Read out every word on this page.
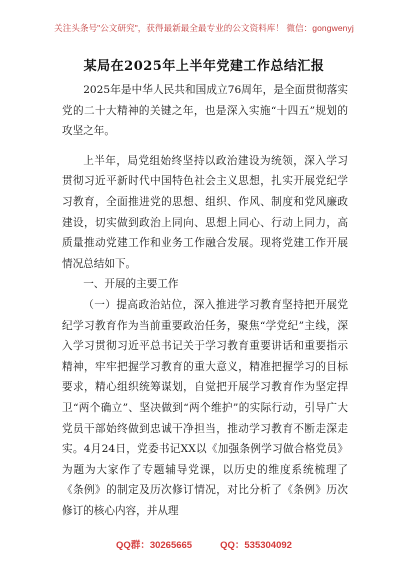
关注头条号"公文研究"，获得最新最全最专业的公文资料库！ 微信：gongwenyj
某局在2025年上半年党建工作总结汇报

2025年是中华人民共和国成立76周年，是全面贯彻落实党的二十大精神的关键之年，也是深入实施“十四五”规划的攻坚之年。

上半年，局党组始终坚持以政治建设为统领，深入学习贯彻习近平新时代中国特色社会主义思想，扎实开展党纪学习教育，全面推进党的思想、组织、作风、制度和党风廉政建设，切实做到政治上同向、思想上同心、行动上同力，高质量推动党建工作和业务工作融合发展。现将党建工作开展情况总结如下。

一、开展的主要工作

（一）提高政治站位，深入推进学习教育坚持把开展党纪学习教育作为当前重要政治任务，聚焦“学党纪”主线，深入学习贯彻习近平总书记关于学习教育重要讲话和重要指示精神，牢牢把握学习教育的重大意义，精准把握学习的目标要求，精心组织统筹谋划，自觉把开展学习教育作为坚定捍卫“两个确立”、坚决做到“两个维护”的实际行动，引导广大党员干部始终做到忠诚干净担当，推动学习教育不断走深走实。4月24日，党委书记XX以《加强条例学习做合格党员》为题为大家作了专题辅导党课，以历史的维度系统梳理了《条例》的制定及历次修订情况，对比分析了《条例》历次修订的核心内容，并从理

QQ群：30265665	QQ：535304092
